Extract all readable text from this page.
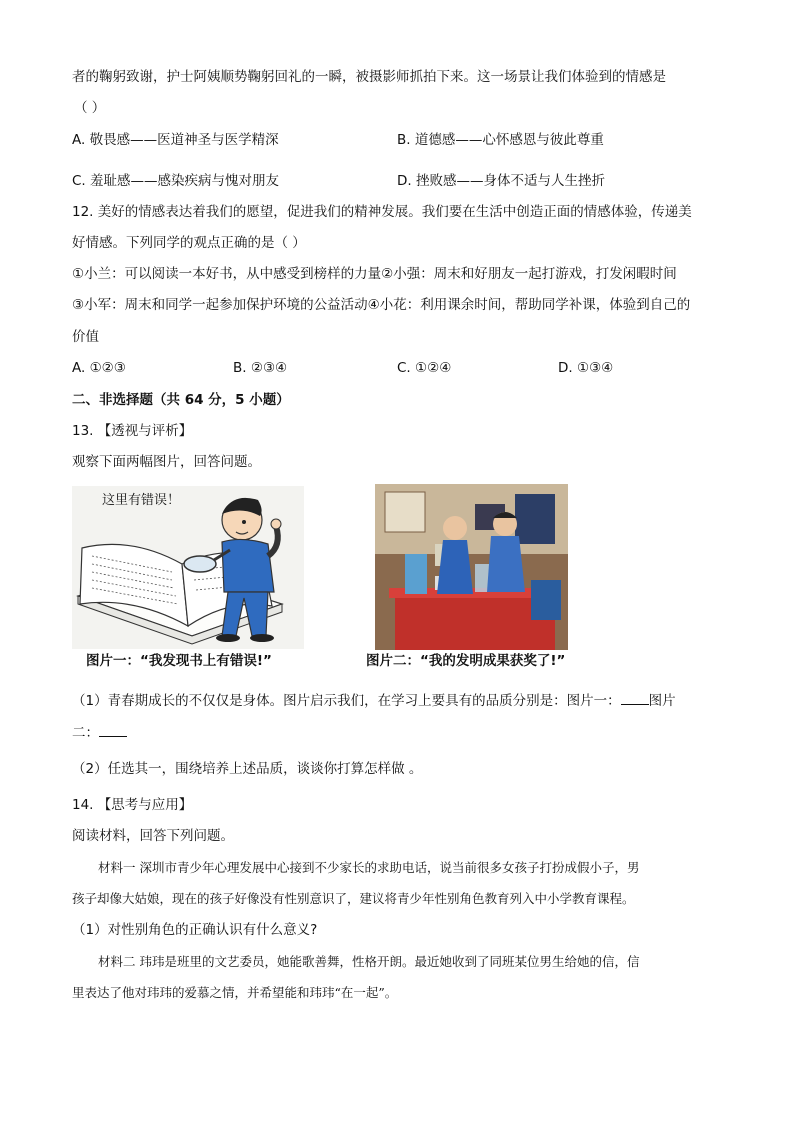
者的鞠躬致谢，护士阿姨顺势鞠躬回礼的一瞬，被摄影师抓拍下来。这一场景让我们体验到的情感是
（ ）
A. 敬畏感——医道神圣与医学精深	B. 道德感——心怀感恩与彼此尊重
C. 羞耻感——感染疾病与愧对朋友	D. 挫败感——身体不适与人生挫折
12. 美好的情感表达着我们的愿望，促进我们的精神发展。我们要在生活中创造正面的情感体验，传递美
好情感。下列同学的观点正确的是（ ）
①小兰：可以阅读一本好书，从中感受到榜样的力量②小强：周末和好朋友一起打游戏，打发闲暇时间
③小军：周末和同学一起参加保护环境的公益活动④小花：利用课余时间，帮助同学补课，体验到自己的
价值
A. ①②③	B. ②③④	C. ①②④	D. ①③④
二、非选择题（共 64 分，5 小题）
13. 【透视与评析】
观察下面两幅图片，回答问题。
这里有错误！
图片一：“我发现书上有错误!”	图片二：“我的发明成果获奖了!”
（1）青春期成长的不仅仅是身体。图片启示我们，在学习上要具有的品质分别是：图片一： 图片
二：
（2）任选其一，围绕培养上述品质，谈谈你打算怎样做 。
14. 【思考与应用】
阅读材料，回答下列问题。
材料一 深圳市青少年心理发展中心接到不少家长的求助电话，说当前很多女孩子打扮成假小子，男
孩子却像大姑娘，现在的孩子好像没有性别意识了，建议将青少年性别角色教育列入中小学教育课程。
（1）对性别角色的正确认识有什么意义?
材料二 玮玮是班里的文艺委员，她能歌善舞，性格开朗。最近她收到了同班某位男生给她的信，信
里表达了他对玮玮的爱慕之情，并希望能和玮玮“在一起”。
